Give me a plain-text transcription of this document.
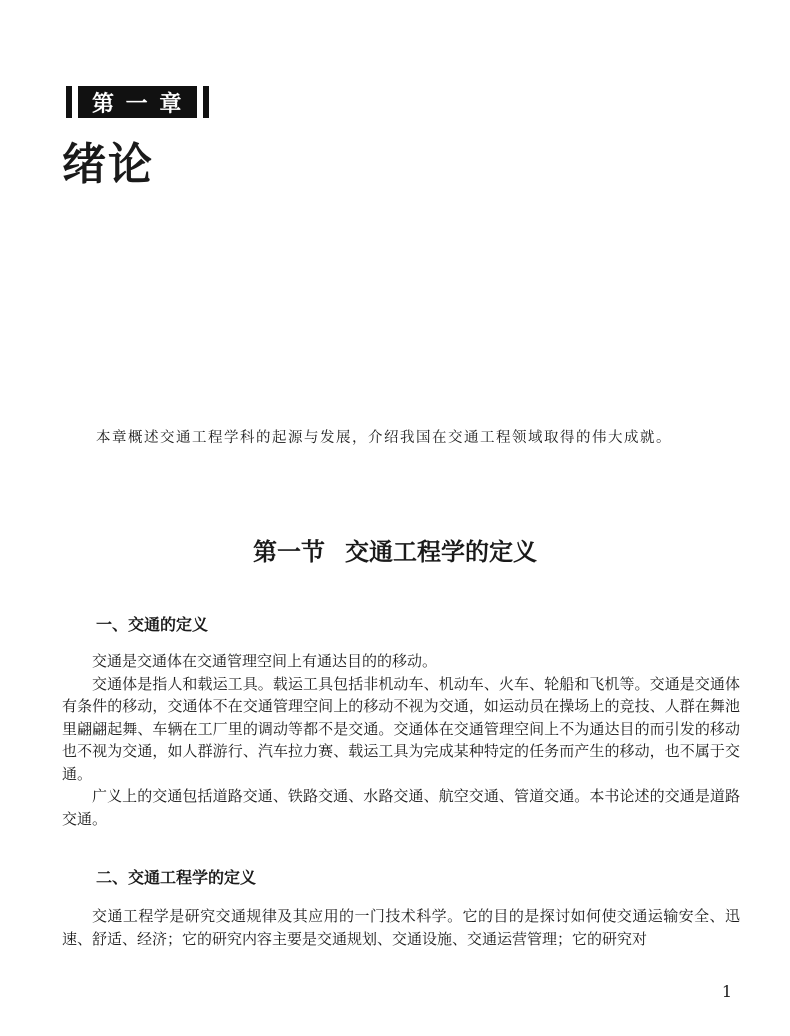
第 一 章
绪论

本章概述交通工程学科的起源与发展，介绍我国在交通工程领域取得的伟大成就。

第一节 交通工程学的定义
一、交通的定义

交通是交通体在交通管理空间上有通达目的的移动。

交通体是指人和载运工具。载运工具包括非机动车、机动车、火车、轮船和飞机等。交通是交通体有条件的移动，交通体不在交通管理空间上的移动不视为交通，如运动员在操场上的竞技、人群在舞池里翩翩起舞、车辆在工厂里的调动等都不是交通。交通体在交通管理空间上不为通达目的而引发的移动也不视为交通，如人群游行、汽车拉力赛、载运工具为完成某种特定的任务而产生的移动，也不属于交通。

广义上的交通包括道路交通、铁路交通、水路交通、航空交通、管道交通。本书论述的交通是道路交通。

二、交通工程学的定义

交通工程学是研究交通规律及其应用的一门技术科学。它的目的是探讨如何使交通运输安全、迅速、舒适、经济；它的研究内容主要是交通规划、交通设施、交通运营管理；它的研究对

1
